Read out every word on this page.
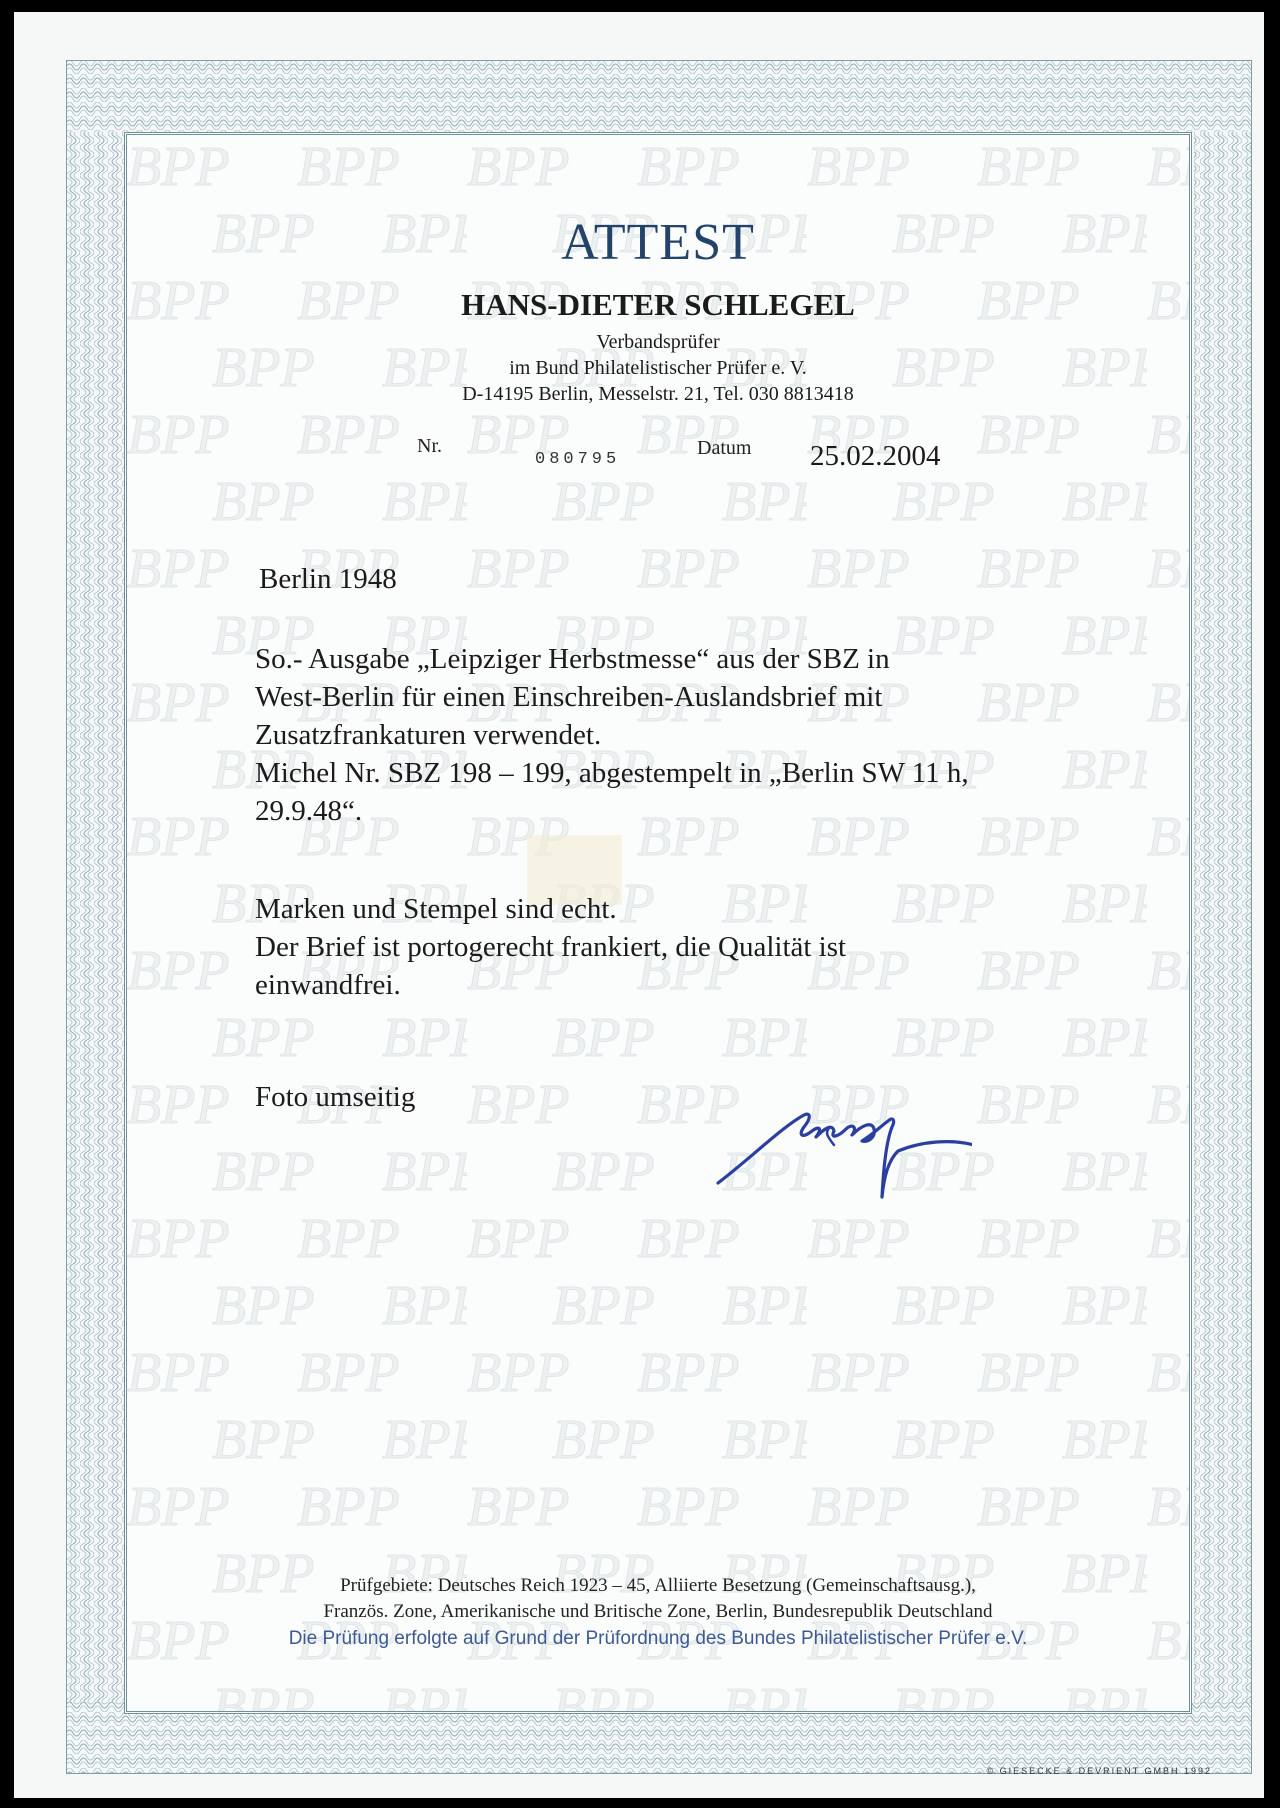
ATTEST
HANS-DIETER SCHLEGEL
Verbandsprüfer
im Bund Philatelistischer Prüfer e. V.
D-14195 Berlin, Messelstr. 21, Tel. 030 8813418
Nr.
080795
Datum 25.02.2004
Berlin 1948
So.- Ausgabe „Leipziger Herbstmesse“ aus der SBZ in
West-Berlin für einen Einschreiben-Auslandsbrief mit
Zusatzfrankaturen verwendet.
Michel Nr. SBZ 198 – 199, abgestempelt in „Berlin SW 11 h,
29.9.48“.
Marken und Stempel sind echt.
Der Brief ist portogerecht frankiert, die Qualität ist
einwandfrei.
Foto umseitig
Prüfgebiete: Deutsches Reich 1923 – 45, Alliierte Besetzung (Gemeinschaftsausg.),
Französ. Zone, Amerikanische und Britische Zone, Berlin, Bundesrepublik Deutschland
Die Prüfung erfolgte auf Grund der Prüfordnung des Bundes Philatelistischer Prüfer e.V.
© GIESECKE & DEVRIENT GMBH 1992
